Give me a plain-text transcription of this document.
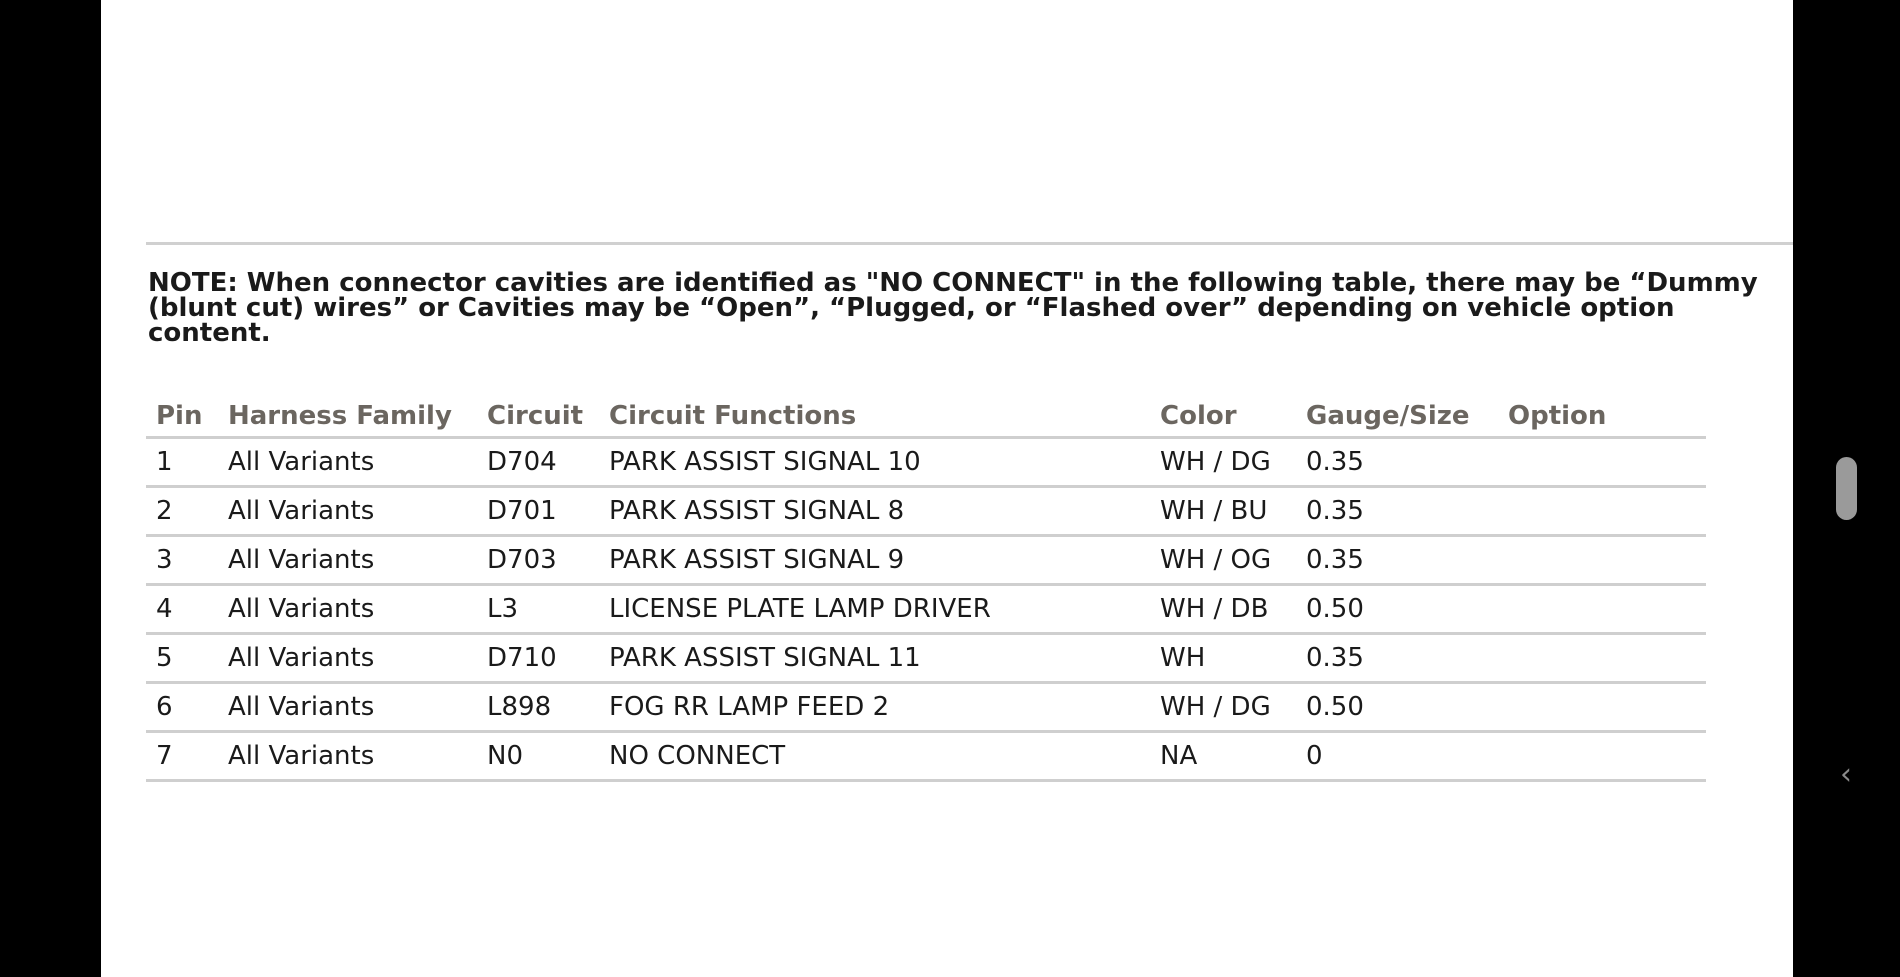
NOTE: When connector cavities are identified as "NO CONNECT" in the following table, there may be “Dummy (blunt cut) wires” or Cavities may be “Open”, “Plugged, or “Flashed over” depending on vehicle option content.

Pin	Harness Family	Circuit	Circuit Functions	Color	Gauge/Size	Option
1	All Variants	D704	PARK ASSIST SIGNAL 10	WH / DG	0.35	
2	All Variants	D701	PARK ASSIST SIGNAL 8	WH / BU	0.35	
3	All Variants	D703	PARK ASSIST SIGNAL 9	WH / OG	0.35	
4	All Variants	L3	LICENSE PLATE LAMP DRIVER	WH / DB	0.50	
5	All Variants	D710	PARK ASSIST SIGNAL 11	WH	0.35	
6	All Variants	L898	FOG RR LAMP FEED 2	WH / DG	0.50	
7	All Variants	N0	NO CONNECT	NA	0	
‹
